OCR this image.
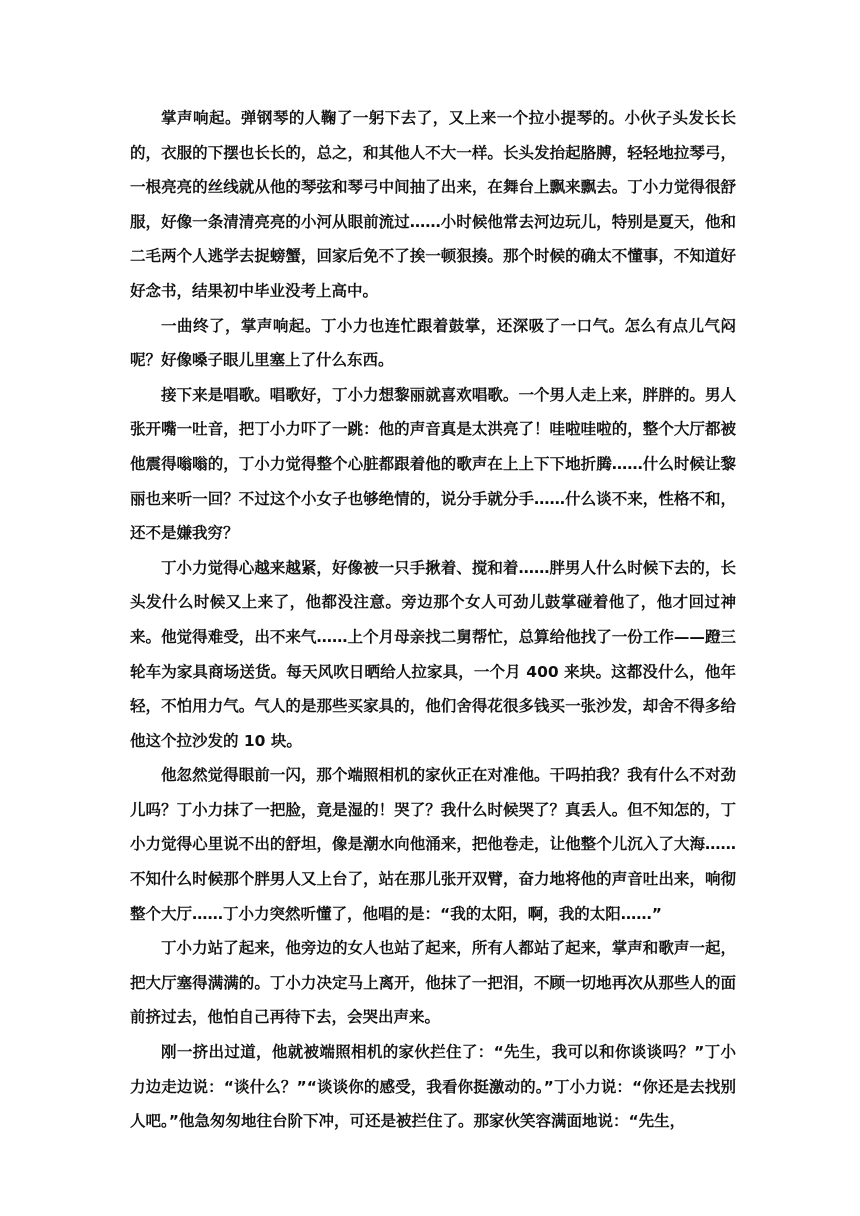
掌声响起。弹钢琴的人鞠了一躬下去了，又上来一个拉小提琴的。小伙子头发长长的，衣服的下摆也长长的，总之，和其他人不大一样。长头发抬起胳膊，轻轻地拉琴弓，一根亮亮的丝线就从他的琴弦和琴弓中间抽了出来，在舞台上飘来飘去。丁小力觉得很舒服，好像一条清清亮亮的小河从眼前流过……小时候他常去河边玩儿，特别是夏天，他和二毛两个人逃学去捉螃蟹，回家后免不了挨一顿狠揍。那个时候的确太不懂事，不知道好好念书，结果初中毕业没考上高中。

一曲终了，掌声响起。丁小力也连忙跟着鼓掌，还深吸了一口气。怎么有点儿气闷呢？好像嗓子眼儿里塞上了什么东西。

接下来是唱歌。唱歌好，丁小力想黎丽就喜欢唱歌。一个男人走上来，胖胖的。男人张开嘴一吐音，把丁小力吓了一跳：他的声音真是太洪亮了！哇啦哇啦的，整个大厅都被他震得嗡嗡的，丁小力觉得整个心脏都跟着他的歌声在上上下下地折腾……什么时候让黎丽也来听一回？不过这个小女子也够绝情的，说分手就分手……什么谈不来，性格不和，还不是嫌我穷？

丁小力觉得心越来越紧，好像被一只手揪着、搅和着……胖男人什么时候下去的，长头发什么时候又上来了，他都没注意。旁边那个女人可劲儿鼓掌碰着他了，他才回过神来。他觉得难受，出不来气……上个月母亲找二舅帮忙，总算给他找了一份工作——蹬三轮车为家具商场送货。每天风吹日晒给人拉家具，一个月 400 来块。这都没什么，他年轻，不怕用力气。气人的是那些买家具的，他们舍得花很多钱买一张沙发，却舍不得多给他这个拉沙发的 10 块。

他忽然觉得眼前一闪，那个端照相机的家伙正在对准他。干吗拍我？我有什么不对劲儿吗？丁小力抹了一把脸，竟是湿的！哭了？我什么时候哭了？真丢人。但不知怎的，丁小力觉得心里说不出的舒坦，像是潮水向他涌来，把他卷走，让他整个儿沉入了大海……不知什么时候那个胖男人又上台了，站在那儿张开双臂，奋力地将他的声音吐出来，响彻整个大厅……丁小力突然听懂了，他唱的是：“我的太阳，啊，我的太阳……”

丁小力站了起来，他旁边的女人也站了起来，所有人都站了起来，掌声和歌声一起，把大厅塞得满满的。丁小力决定马上离开，他抹了一把泪，不顾一切地再次从那些人的面前挤过去，他怕自己再待下去，会哭出声来。

刚一挤出过道，他就被端照相机的家伙拦住了：“先生，我可以和你谈谈吗？”丁小力边走边说：“谈什么？”“谈谈你的感受，我看你挺激动的。”丁小力说：“你还是去找别人吧。”他急匆匆地往台阶下冲，可还是被拦住了。那家伙笑容满面地说：“先生，
